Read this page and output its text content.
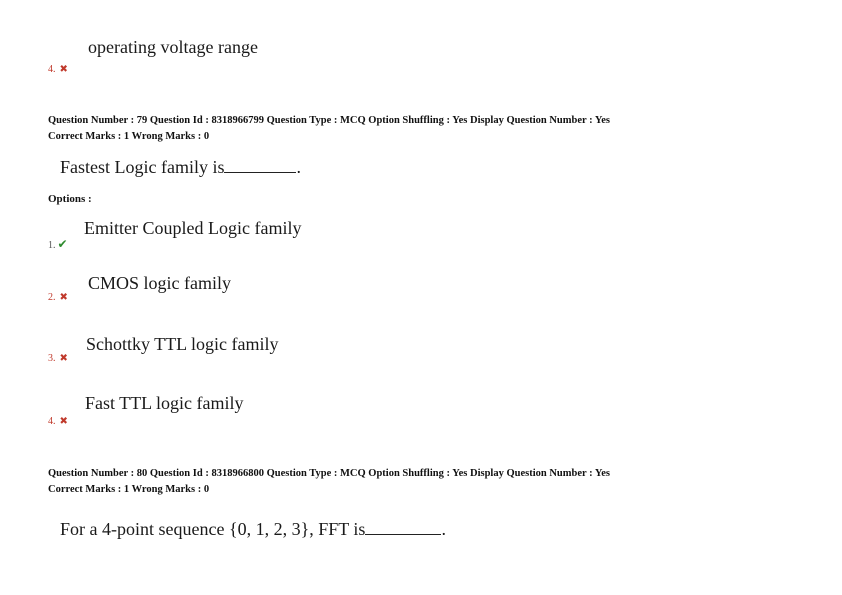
operating voltage range
4. ✖
Question Number : 79 Question Id : 8318966799 Question Type : MCQ Option Shuffling : Yes Display Question Number : Yes
Correct Marks : 1 Wrong Marks : 0
Fastest Logic family is	.
Options :
Emitter Coupled Logic family
1. ✔
CMOS logic family
2. ✖
Schottky TTL logic family
3. ✖
Fast TTL logic family
4. ✖
Question Number : 80 Question Id : 8318966800 Question Type : MCQ Option Shuffling : Yes Display Question Number : Yes
Correct Marks : 1 Wrong Marks : 0
For a 4-point sequence {0, 1, 2, 3}, FFT is	.
